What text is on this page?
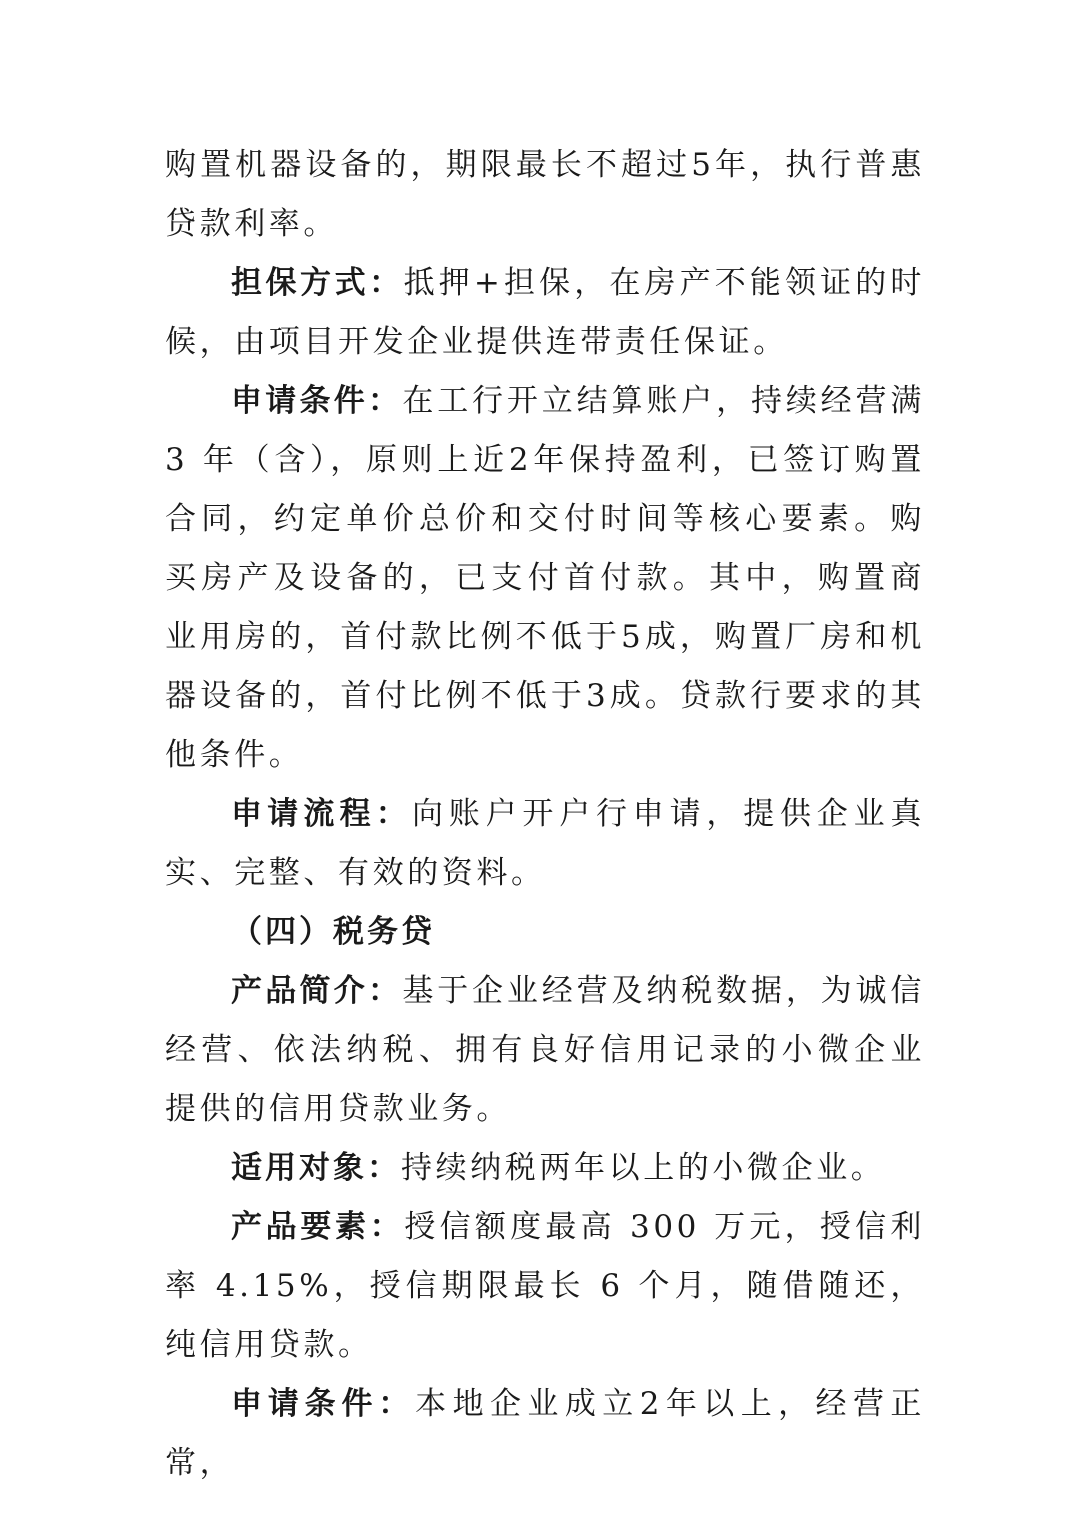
购置机器设备的，期限最长不超过5年，执行普惠贷款利率。

担保方式：抵押+担保，在房产不能领证的时候，由项目开发企业提供连带责任保证。

申请条件：在工行开立结算账户，持续经营满 3 年（含），原则上近2年保持盈利，已签订购置合同，约定单价总价和交付时间等核心要素。购买房产及设备的，已支付首付款。其中，购置商业用房的，首付款比例不低于5成，购置厂房和机器设备的，首付比例不低于3成。贷款行要求的其他条件。

申请流程：向账户开户行申请，提供企业真实、完整、有效的资料。

（四）税务贷

产品简介：基于企业经营及纳税数据，为诚信经营、依法纳税、拥有良好信用记录的小微企业提供的信用贷款业务。

适用对象：持续纳税两年以上的小微企业。

产品要素：授信额度最高 300 万元，授信利率 4.15%，授信期限最长 6 个月，随借随还，纯信用贷款。

申请条件：本地企业成立2年以上，经营正常，
